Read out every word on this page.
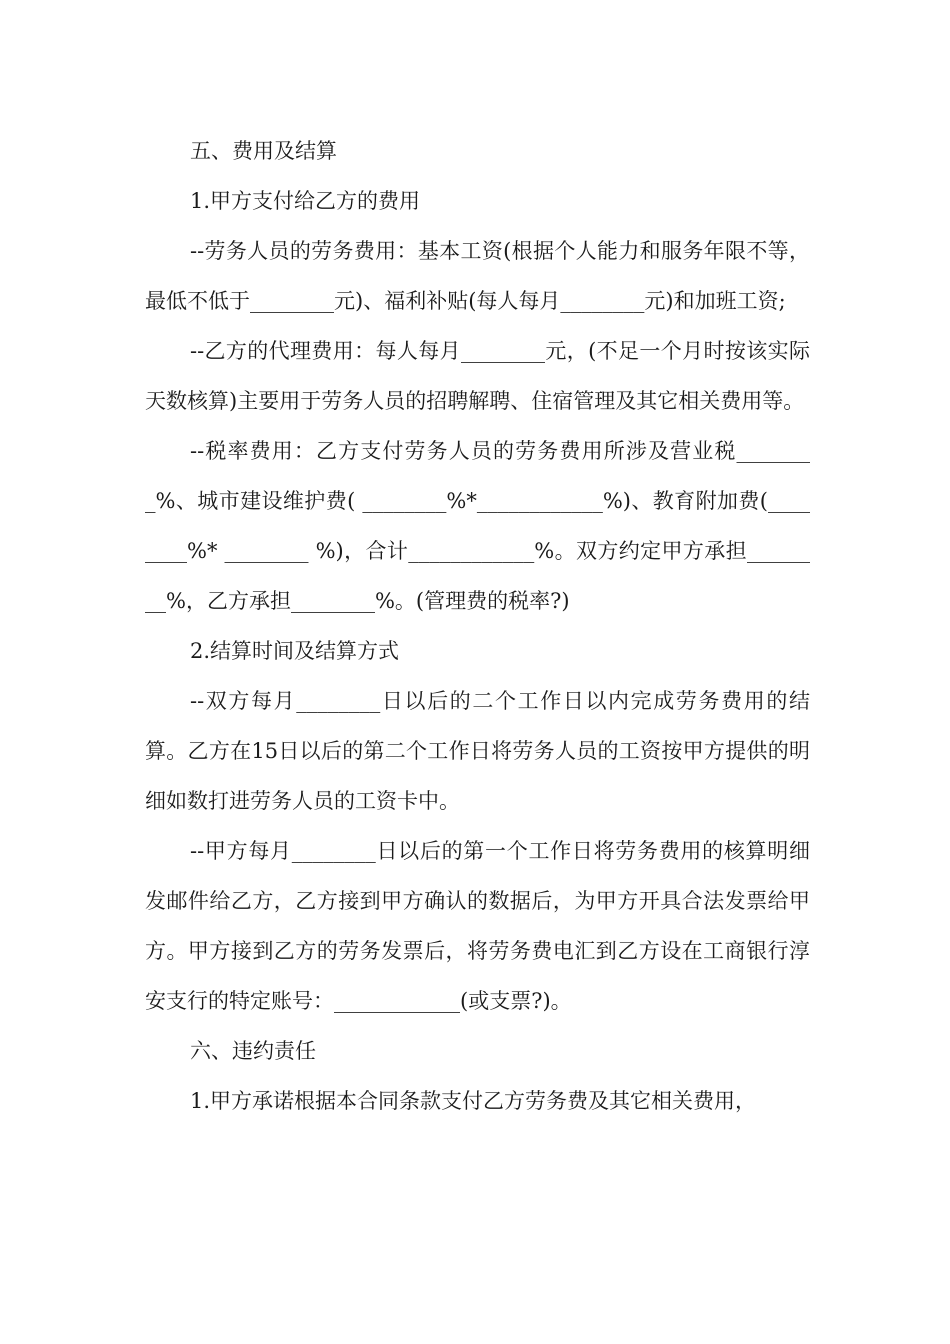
五、费用及结算

1.甲方支付给乙方的费用

--劳务人员的劳务费用：基本工资(根据个人能力和服务年限不等，最低不低于________元)、福利补贴(每人每月________元)和加班工资;

--乙方的代理费用：每人每月________元，(不足一个月时按该实际天数核算)主要用于劳务人员的招聘解聘、住宿管理及其它相关费用等。

--税率费用：乙方支付劳务人员的劳务费用所涉及营业税________%、城市建设维护费( ________%*____________%)、教育附加费(________%* ________ %)，合计____________%。双方约定甲方承担________%，乙方承担________%。(管理费的税率?)

2.结算时间及结算方式

--双方每月________日以后的二个工作日以内完成劳务费用的结算。乙方在15日以后的第二个工作日将劳务人员的工资按甲方提供的明细如数打进劳务人员的工资卡中。

--甲方每月________日以后的第一个工作日将劳务费用的核算明细发邮件给乙方，乙方接到甲方确认的数据后，为甲方开具合法发票给甲方。甲方接到乙方的劳务发票后，将劳务费电汇到乙方设在工商银行淳安支行的特定账号：____________(或支票?)。

六、违约责任

1.甲方承诺根据本合同条款支付乙方劳务费及其它相关费用，
